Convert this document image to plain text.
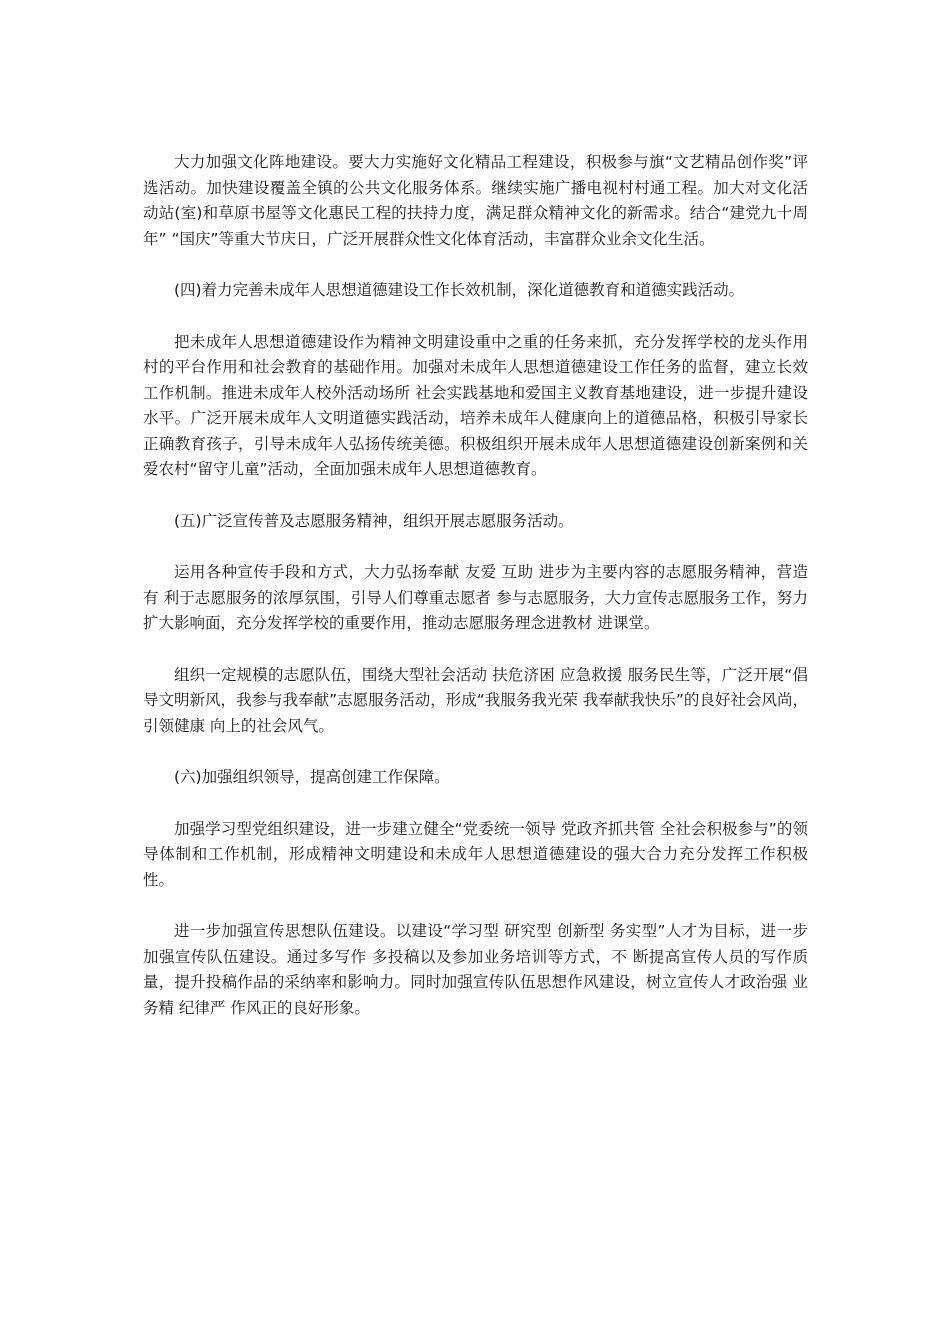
大力加强文化阵地建设。要大力实施好文化精品工程建设，积极参与旗“文艺精品创作奖”评选活动。加快建设覆盖全镇的公共文化服务体系。继续实施广播电视村村通工程。加大对文化活动站(室)和草原书屋等文化惠民工程的扶持力度，满足群众精神文化的新需求。结合“建党九十周年” “国庆”等重大节庆日，广泛开展群众性文化体育活动，丰富群众业余文化生活。

(四)着力完善未成年人思想道德建设工作长效机制，深化道德教育和道德实践活动。

把未成年人思想道德建设作为精神文明建设重中之重的任务来抓，充分发挥学校的龙头作用 村的平台作用和社会教育的基础作用。加强对未成年人思想道德建设工作任务的监督，建立长效工作机制。推进未成年人校外活动场所 社会实践基地和爱国主义教育基地建设，进一步提升建设水平。广泛开展未成年人文明道德实践活动，培养未成年人健康向上的道德品格，积极引导家长正确教育孩子，引导未成年人弘扬传统美德。积极组织开展未成年人思想道德建设创新案例和关爱农村“留守儿童”活动，全面加强未成年人思想道德教育。

(五)广泛宣传普及志愿服务精神，组织开展志愿服务活动。

运用各种宣传手段和方式，大力弘扬奉献 友爱 互助 进步为主要内容的志愿服务精神，营造有 利于志愿服务的浓厚氛围，引导人们尊重志愿者 参与志愿服务，大力宣传志愿服务工作，努力扩大影响面，充分发挥学校的重要作用，推动志愿服务理念进教材 进课堂。

组织一定规模的志愿队伍，围绕大型社会活动 扶危济困 应急救援 服务民生等，广泛开展“倡导文明新风，我参与我奉献”志愿服务活动，形成“我服务我光荣 我奉献我快乐”的良好社会风尚，引领健康 向上的社会风气。

(六)加强组织领导，提高创建工作保障。

加强学习型党组织建设，进一步建立健全“党委统一领导 党政齐抓共管 全社会积极参与”的领导体制和工作机制，形成精神文明建设和未成年人思想道德建设的强大合力充分发挥工作积极性。

进一步加强宣传思想队伍建设。以建设“学习型 研究型 创新型 务实型”人才为目标，进一步加强宣传队伍建设。通过多写作 多投稿以及参加业务培训等方式，不 断提高宣传人员的写作质量，提升投稿作品的采纳率和影响力。同时加强宣传队伍思想作风建设，树立宣传人才政治强 业务精 纪律严 作风正的良好形象。
